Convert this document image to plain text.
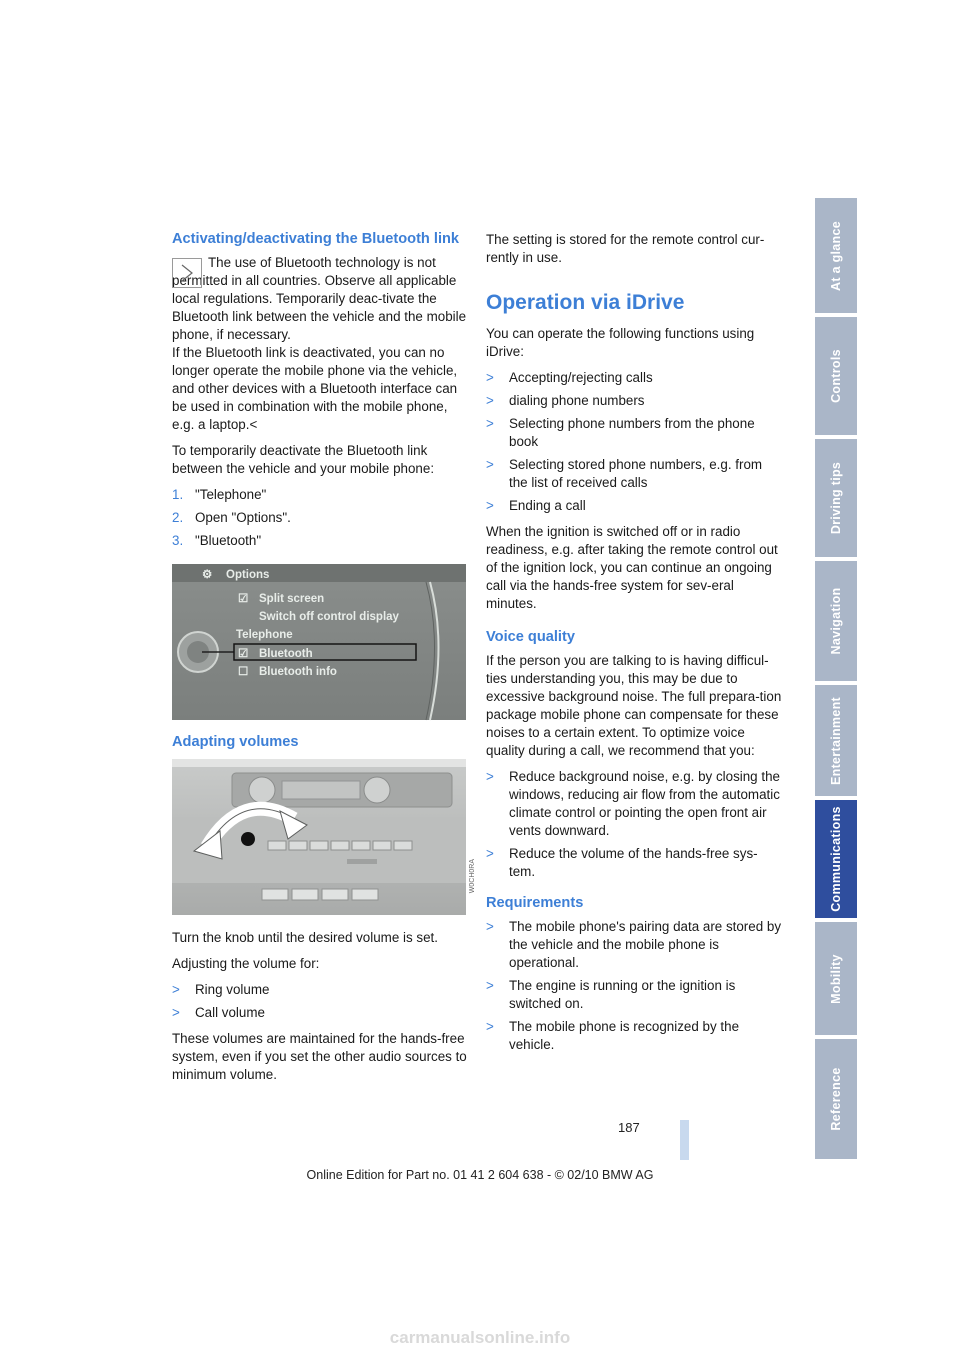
Activating/deactivating the Bluetooth link

The use of Bluetooth technology is not permitted in all countries. Observe all applicable local regulations. Temporarily deac-tivate the Bluetooth link between the vehicle and the mobile phone, if necessary.

If the Bluetooth link is deactivated, you can no longer operate the mobile phone via the vehicle, and other devices with a Bluetooth interface can be used in combination with the mobile phone, e.g. a laptop.<

To temporarily deactivate the Bluetooth link between the vehicle and your mobile phone:

1. "Telephone"
2. Open "Options".
3. "Bluetooth"
⚙ Options
☑ Split screen
Switch off control display
Telephone
☑ Bluetooth
☐ Bluetooth info
Adapting volumes
W0CH0RA

Turn the knob until the desired volume is set.

Adjusting the volume for:

> Ring volume
> Call volume

These volumes are maintained for the hands-free system, even if you set the other audio sources to minimum volume.

The setting is stored for the remote control cur-rently in use.

Operation via iDrive

You can operate the following functions using iDrive:

> Accepting/rejecting calls
> dialing phone numbers
> Selecting phone numbers from the phone book
> Selecting stored phone numbers, e.g. from the list of received calls
> Ending a call

When the ignition is switched off or in radio readiness, e.g. after taking the remote control out of the ignition lock, you can continue an ongoing call via the hands-free system for sev-eral minutes.

Voice quality

If the person you are talking to is having difficul-ties understanding you, this may be due to excessive background noise. The full prepara-tion package mobile phone can compensate for these noises to a certain extent. To optimize voice quality during a call, we recommend that you:

> Reduce background noise, e.g. by closing the windows, reducing air flow from the automatic climate control or pointing the open front air vents downward.
> Reduce the volume of the hands-free sys-tem.
Requirements
> The mobile phone's pairing data are stored by the vehicle and the mobile phone is operational.
> The engine is running or the ignition is switched on.
> The mobile phone is recognized by the vehicle.
At a glance
Controls
Driving tips
Navigation
Entertainment
Communications
Mobility
Reference
187
Online Edition for Part no. 01 41 2 604 638 - © 02/10 BMW AG
carmanualsonline.info
